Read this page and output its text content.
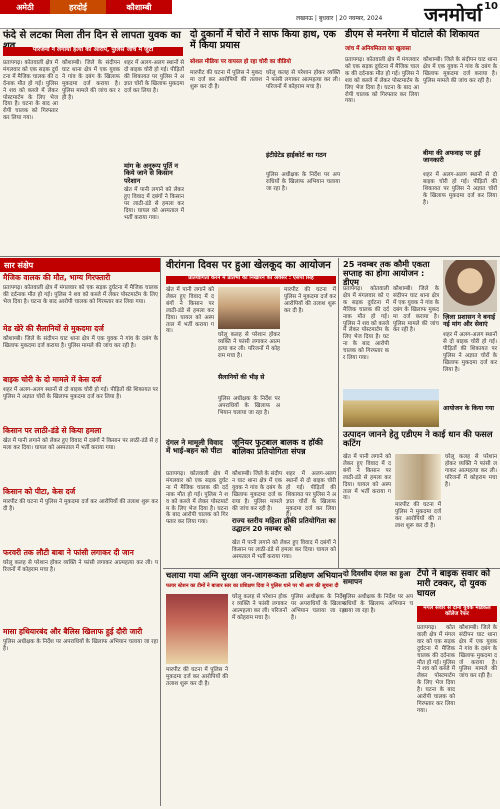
अमेठी	हरदोई	कौशाम्बी
लखनऊ | बुधवार | 20 नवम्बर, 2024 जनमोर्चा 10
फंदे से लटका मिला तीन दिन से लापता युवक का
परिजनों ने लगाया हत्या का आरोप, पुलिस जांच में जुटी
दो दुकानों में चोरों ने साफ किया हाथ, एक में किया प्रयास
सोशल मीडिया पर वायरल हो रहा चोरी का वीडियो
डीएम से मनरेगा में घोटाले की शिकायत
जांच में अनियमितता का खुलासा
प्रतापगढ़। कोतवाली क्षेत्र में मंगलवार को एक सड़क दुर्घटना में मैजिक चालक की दर्दनाक मौत हो गई। पुलिस ने शव को कब्जे में लेकर पोस्टमार्टम के लिए भेज दिया है। घटना के बाद आरोपी चालक को गिरफ्तार कर लिया गया।
कौशाम्बी। जिले के संदीपन घाट थाना क्षेत्र में एक युवक ने गांव के दबंग के खिलाफ मुकदमा दर्ज कराया है। पुलिस मामले की जांच कर रही है।
शहर में अलग-अलग स्थानों से दो बाइक चोरी हो गई। पीड़ितों की शिकायत पर पुलिस ने अज्ञात चोरों के खिलाफ मुकदमा दर्ज कर लिया है।
मांग के अनुरूप पूर्ति न किये जाने से किसान परेशान
खेत में पानी लगाने को लेकर हुए विवाद में दबंगों ने किसान पर लाठी-डंडे से हमला कर दिया। घायल को अस्पताल में भर्ती कराया गया।
मारपीट की घटना में पुलिस ने मुकदमा दर्ज कर आरोपियों की तलाश शुरू कर दी है।
घरेलू कलह से परेशान होकर व्यक्ति ने फांसी लगाकर आत्महत्या कर ली। परिजनों में कोहराम मचा है।
इंटीग्रेटेड हाईकोर्ट का गठन
पुलिस अधीक्षक के निर्देश पर अपराधियों के खिलाफ अभियान चलाया जा रहा है।
प्रतापगढ़। कोतवाली क्षेत्र में मंगलवार को एक सड़क दुर्घटना में मैजिक चालक की दर्दनाक मौत हो गई। पुलिस ने शव को कब्जे में लेकर पोस्टमार्टम के लिए भेज दिया है। घटना के बाद आरोपी चालक को गिरफ्तार कर लिया गया।
कौशाम्बी। जिले के संदीपन घाट थाना क्षेत्र में एक युवक ने गांव के दबंग के खिलाफ मुकदमा दर्ज कराया है। पुलिस मामले की जांच कर रही है।
बीमा की अफवाह पर हुई जानकारी
शहर में अलग-अलग स्थानों से दो बाइक चोरी हो गई। पीड़ितों की शिकायत पर पुलिस ने अज्ञात चोरों के खिलाफ मुकदमा दर्ज कर लिया है।
सार संक्षेप
मैजिक वालक की मौत, भाग्य गिरफ्तारी
प्रतापगढ़। कोतवाली क्षेत्र में मंगलवार को एक सड़क दुर्घटना में मैजिक चालक की दर्दनाक मौत हो गई। पुलिस ने शव को कब्जे में लेकर पोस्टमार्टम के लिए भेज दिया है। घटना के बाद आरोपी चालक को गिरफ्तार कर लिया गया।
मेड खेरे की सैलानियों से मुकदमा दर्ज
कौशाम्बी। जिले के संदीपन घाट थाना क्षेत्र में एक युवक ने गांव के दबंग के खिलाफ मुकदमा दर्ज कराया है। पुलिस मामले की जांच कर रही है।
बाइक चोरी के दो मामले में केस दर्ज
शहर में अलग-अलग स्थानों से दो बाइक चोरी हो गई। पीड़ितों की शिकायत पर पुलिस ने अज्ञात चोरों के खिलाफ मुकदमा दर्ज कर लिया है।
किसान पर लाठी-डंडे से किया हमला
खेत में पानी लगाने को लेकर हुए विवाद में दबंगों ने किसान पर लाठी-डंडे से हमला कर दिया। घायल को अस्पताल में भर्ती कराया गया।
किसान को पीटा, केस दर्ज
मारपीट की घटना में पुलिस ने मुकदमा दर्ज कर आरोपियों की तलाश शुरू कर दी है।
फरवरी तक लौटी बाबा ने फांसी लगाकर दी जान
घरेलू कलह से परेशान होकर व्यक्ति ने फांसी लगाकर आत्महत्या कर ली। परिजनों में कोहराम मचा है।
मासा हथियारबंद और बैलिस खिलाफ हुई दौरी जारी
पुलिस अधीक्षक के निर्देश पर अपराधियों के खिलाफ अभियान चलाया जा रहा है।
वीरांगना दिवस पर हुआ खेलकूद का आयोजन
प्रतियोगिता करने में प्रतिभा को निखारने का अवसर : एसपी सिंह
खेत में पानी लगाने को लेकर हुए विवाद में दबंगों ने किसान पर लाठी-डंडे से हमला कर दिया। घायल को अस्पताल में भर्ती कराया गया।
मारपीट की घटना में पुलिस ने मुकदमा दर्ज कर आरोपियों की तलाश शुरू कर दी है।
घरेलू कलह से परेशान होकर व्यक्ति ने फांसी लगाकर आत्महत्या कर ली। परिजनों में कोहराम मचा है।
सैलानियों की भीड़ से
पुलिस अधीक्षक के निर्देश पर अपराधियों के खिलाफ अभियान चलाया जा रहा है।
दंगल ने मामूली विवाद में भाई-बहन को पीटा
प्रतापगढ़। कोतवाली क्षेत्र में मंगलवार को एक सड़क दुर्घटना में मैजिक चालक की दर्दनाक मौत हो गई। पुलिस ने शव को कब्जे में लेकर पोस्टमार्टम के लिए भेज दिया है। घटना के बाद आरोपी चालक को गिरफ्तार कर लिया गया।
जूनियर फुटबाल बालक व हॉकी बालिका प्रतियोगिता संपन्न
कौशाम्बी। जिले के संदीपन घाट थाना क्षेत्र में एक युवक ने गांव के दबंग के खिलाफ मुकदमा दर्ज कराया है। पुलिस मामले की जांच कर रही है।
शहर में अलग-अलग स्थानों से दो बाइक चोरी हो गई। पीड़ितों की शिकायत पर पुलिस ने अज्ञात चोरों के खिलाफ मुकदमा दर्ज कर लिया है।
राज्य स्तरीय महिला हॉकी प्रतियोगिता का उद्घाटन 20 नवम्बर को
खेत में पानी लगाने को लेकर हुए विवाद में दबंगों ने किसान पर लाठी-डंडे से हमला कर दिया। घायल को अस्पताल में भर्ती कराया गया।
चलाया गया अग्नि सुरक्षा जन-जागरूकता प्रशिक्षण अभियान
फायर स्टेशन का टीमों ने बाजार स्तर का प्रशिक्षण दिया ने पुलिस थाने पर भी आग की सूचना दी
मारपीट की घटना में पुलिस ने मुकदमा दर्ज कर आरोपियों की तलाश शुरू कर दी है।
घरेलू कलह से परेशान होकर व्यक्ति ने फांसी लगाकर आत्महत्या कर ली। परिजनों में कोहराम मचा है।
पुलिस अधीक्षक के निर्देश पर अपराधियों के खिलाफ अभियान चलाया जा रहा है।
25 नवम्बर तक कौमी एकता सप्ताह का होगा आयोजन : डीएम
प्रतापगढ़। कोतवाली क्षेत्र में मंगलवार को एक सड़क दुर्घटना में मैजिक चालक की दर्दनाक मौत हो गई। पुलिस ने शव को कब्जे में लेकर पोस्टमार्टम के लिए भेज दिया है। घटना के बाद आरोपी चालक को गिरफ्तार कर लिया गया।
कौशाम्बी। जिले के संदीपन घाट थाना क्षेत्र में एक युवक ने गांव के दबंग के खिलाफ मुकदमा दर्ज कराया है। पुलिस मामले की जांच कर रही है।
ज़िला प्रशासन ने बनाई नई मांग और सेवाएं
शहर में अलग-अलग स्थानों से दो बाइक चोरी हो गई। पीड़ितों की शिकायत पर पुलिस ने अज्ञात चोरों के खिलाफ मुकदमा दर्ज कर लिया है।
उत्पादन जानने हेतु एडीएम ने काई धान की फसल कटिंग
खेत में पानी लगाने को लेकर हुए विवाद में दबंगों ने किसान पर लाठी-डंडे से हमला कर दिया। घायल को अस्पताल में भर्ती कराया गया।
मारपीट की घटना में पुलिस ने मुकदमा दर्ज कर आरोपियों की तलाश शुरू कर दी है।
आयोजन के किया गया
घरेलू कलह से परेशान होकर व्यक्ति ने फांसी लगाकर आत्महत्या कर ली। परिजनों में कोहराम मचा है।
दो दिवसीय दंगल का हुआ समापन
पुलिस अधीक्षक के निर्देश पर अपराधियों के खिलाफ अभियान चलाया जा रहा है।
टेंपो ने बाइक सवार को मारी टक्कर, दो युवक घायल
मंगल सवार से दोनों युवक मेडिकल कॉलेज रेफर
प्रतापगढ़। कोतवाली क्षेत्र में मंगलवार को एक सड़क दुर्घटना में मैजिक चालक की दर्दनाक मौत हो गई। पुलिस ने शव को कब्जे में लेकर पोस्टमार्टम के लिए भेज दिया है। घटना के बाद आरोपी चालक को गिरफ्तार कर लिया गया।
कौशाम्बी। जिले के संदीपन घाट थाना क्षेत्र में एक युवक ने गांव के दबंग के खिलाफ मुकदमा दर्ज कराया है। पुलिस मामले की जांच कर रही है।
